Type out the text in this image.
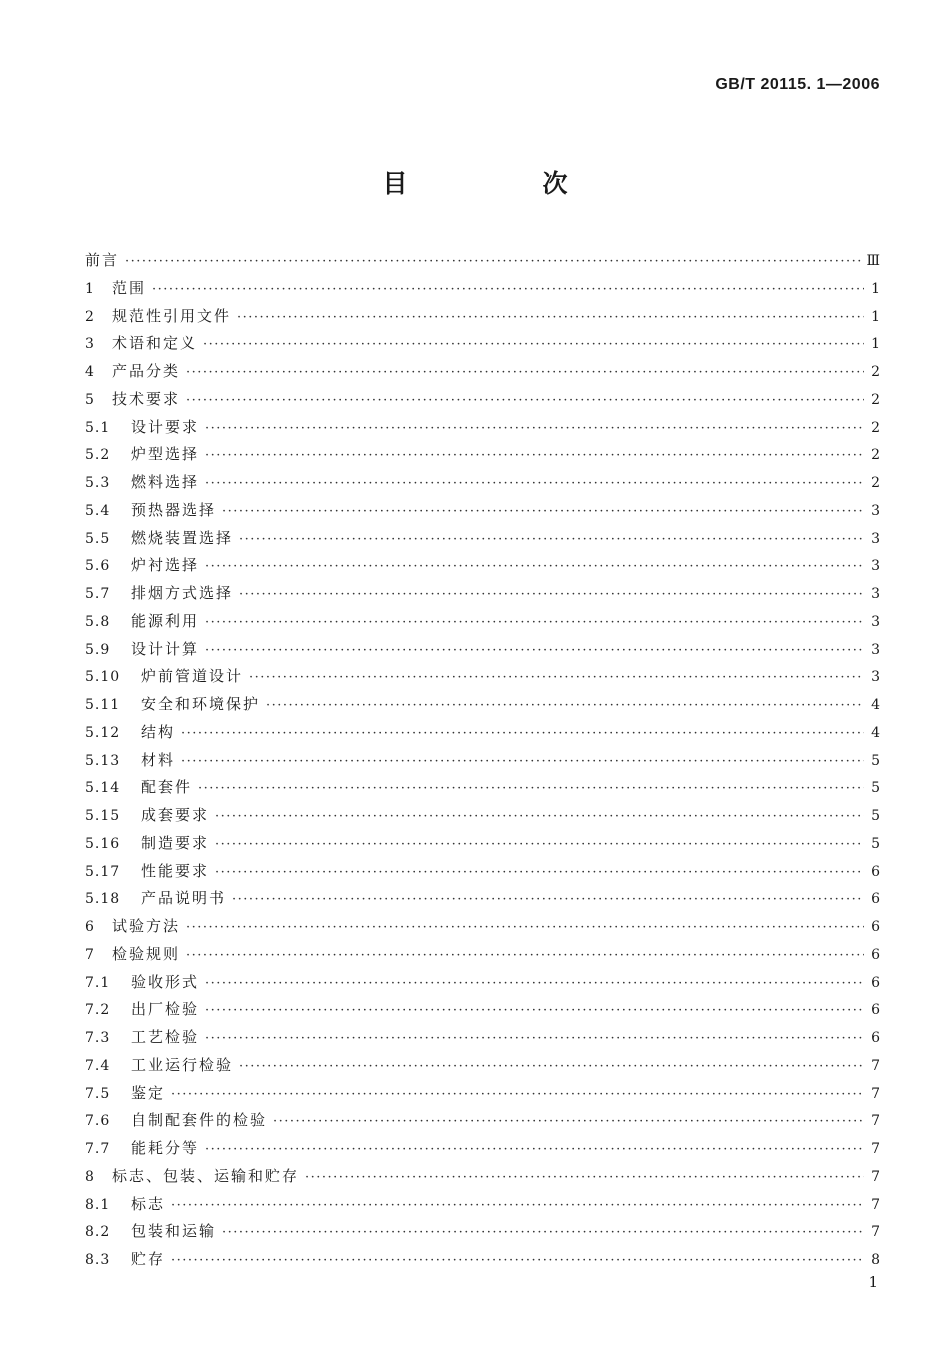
GB/T 20115. 1—2006
目　次
前言 ·····	Ⅲ
1	范围 ·····	1
2	规范性引用文件 ·····	1
3	术语和定义 ·····	1
4	产品分类 ·····	2
5	技术要求 ·····	2
5.1	设计要求 ·····	2
5.2	炉型选择 ·····	2
5.3	燃料选择 ·····	2
5.4	预热器选择 ·····	3
5.5	燃烧装置选择 ·····	3
5.6	炉衬选择 ·····	3
5.7	排烟方式选择 ·····	3
5.8	能源利用 ·····	3
5.9	设计计算 ·····	3
5.10	炉前管道设计 ·····	3
5.11	安全和环境保护 ·····	4
5.12	结构 ·····	4
5.13	材料 ·····	5
5.14	配套件 ·····	5
5.15	成套要求 ·····	5
5.16	制造要求 ·····	5
5.17	性能要求 ·····	6
5.18	产品说明书 ·····	6
6	试验方法 ·····	6
7	检验规则 ·····	6
7.1	验收形式 ·····	6
7.2	出厂检验 ·····	6
7.3	工艺检验 ·····	6
7.4	工业运行检验 ·····	7
7.5	鉴定 ·····	7
7.6	自制配套件的检验 ·····	7
7.7	能耗分等 ·····	7
8	标志、包装、运输和贮存 ·····	7
8.1	标志 ·····	7
8.2	包装和运输 ·····	7
8.3	贮存 ·····	8
1
